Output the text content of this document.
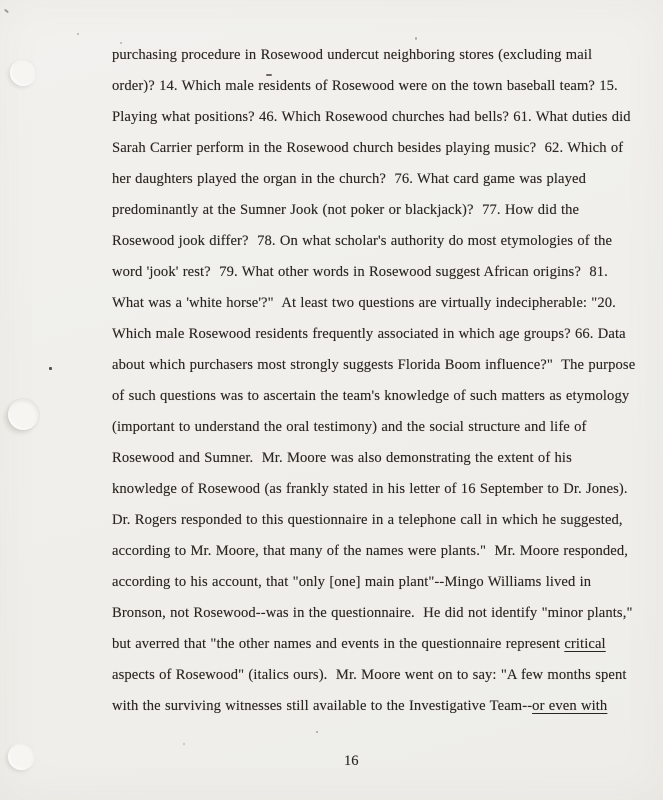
purchasing procedure in Rosewood undercut neighboring stores (excluding mail
order)? 14. Which male residents of Rosewood were on the town baseball team? 15.
Playing what positions? 46. Which Rosewood churches had bells? 61. What duties did
Sarah Carrier perform in the Rosewood church besides playing music?  62. Which of
her daughters played the organ in the church?  76. What card game was played
predominantly at the Sumner Jook (not poker or blackjack)?  77. How did the
Rosewood jook differ?  78. On what scholar's authority do most etymologies of the
word 'jook' rest?  79. What other words in Rosewood suggest African origins?  81.
What was a 'white horse'?"  At least two questions are virtually indecipherable: "20.
Which male Rosewood residents frequently associated in which age groups? 66. Data
about which purchasers most strongly suggests Florida Boom influence?"  The purpose
of such questions was to ascertain the team's knowledge of such matters as etymology
(important to understand the oral testimony) and the social structure and life of
Rosewood and Sumner.  Mr. Moore was also demonstrating the extent of his
knowledge of Rosewood (as frankly stated in his letter of 16 September to Dr. Jones).
Dr. Rogers responded to this questionnaire in a telephone call in which he suggested,
according to Mr. Moore, that many of the names were plants."  Mr. Moore responded,
according to his account, that "only [one] main plant"--Mingo Williams lived in
Bronson, not Rosewood--was in the questionnaire.  He did not identify "minor plants,"
but averred that "the other names and events in the questionnaire represent critical
aspects of Rosewood" (italics ours).  Mr. Moore went on to say: "A few months spent
with the surviving witnesses still available to the Investigative Team--or even with
16
